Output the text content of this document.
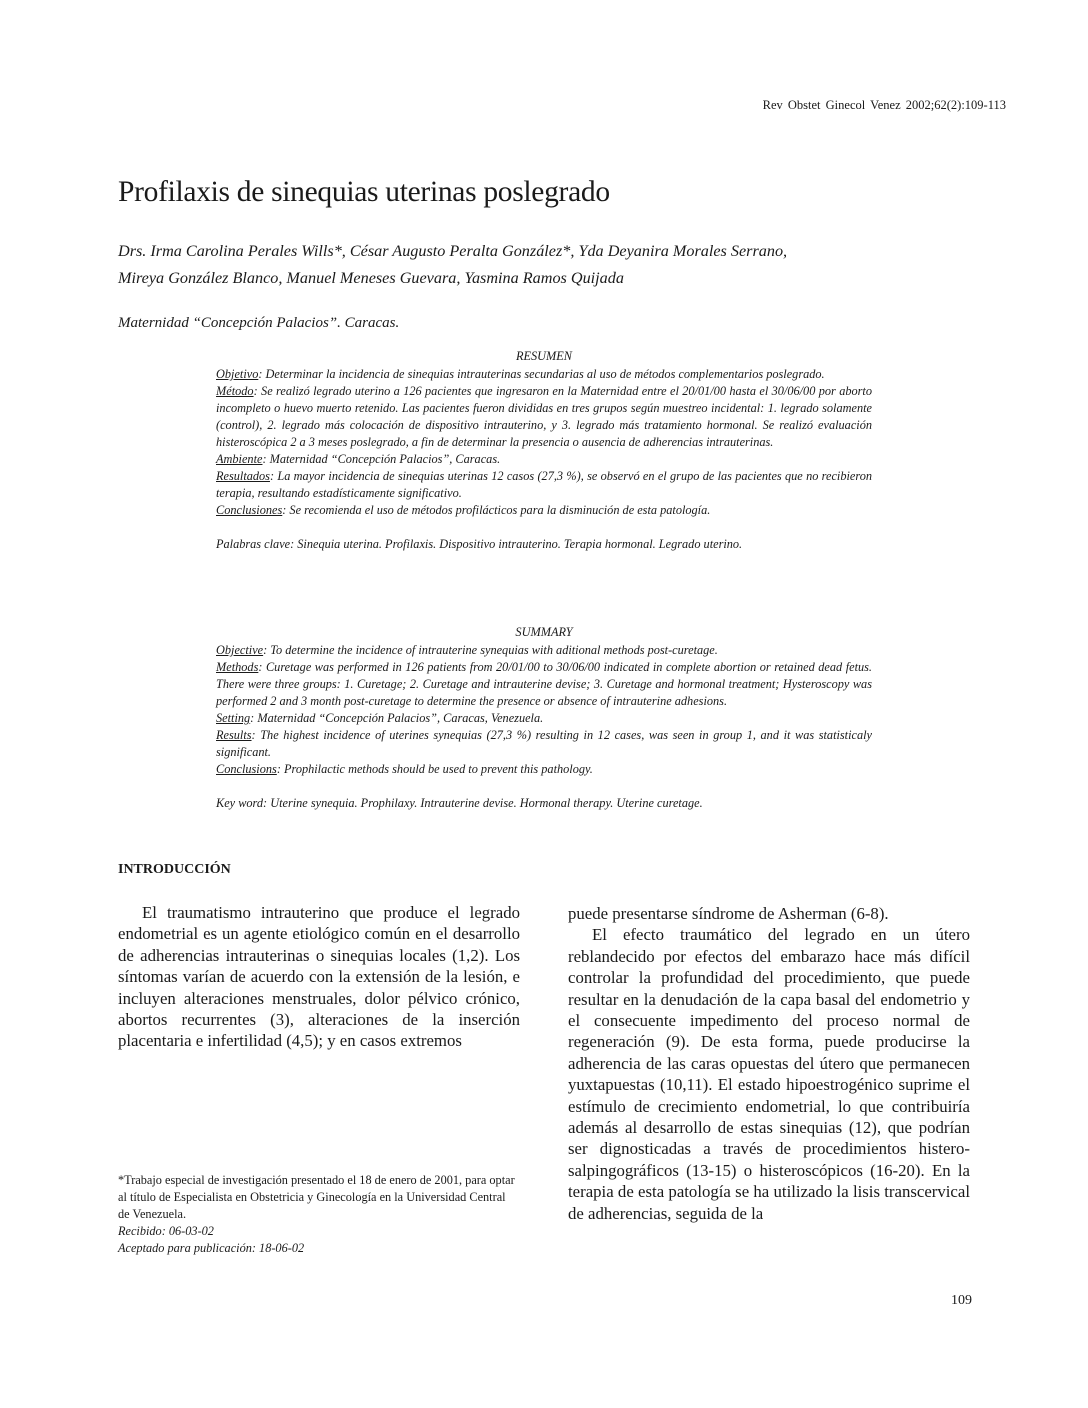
Rev Obstet Ginecol Venez 2002;62(2):109-113
Profilaxis de sinequias uterinas poslegrado
Drs. Irma Carolina Perales Wills*, César Augusto Peralta González*, Yda Deyanira Morales Serrano,
Mireya González Blanco, Manuel Meneses Guevara, Yasmina Ramos Quijada
Maternidad “Concepción Palacios”. Caracas.

RESUMEN

Objetivo: Determinar la incidencia de sinequias intrauterinas secundarias al uso de métodos complementarios poslegrado.

Método: Se realizó legrado uterino a 126 pacientes que ingresaron en la Maternidad entre el 20/01/00 hasta el 30/06/00 por aborto incompleto o huevo muerto retenido. Las pacientes fueron divididas en tres grupos según muestreo incidental: 1. legrado solamente (control), 2. legrado más colocación de dispositivo intrauterino, y 3. legrado más tratamiento hormonal. Se realizó evaluación histeroscópica 2 a 3 meses poslegrado, a fin de determinar la presencia o ausencia de adherencias intrauterinas.

Ambiente: Maternidad “Concepción Palacios”, Caracas.

Resultados: La mayor incidencia de sinequias uterinas 12 casos (27,3 %), se observó en el grupo de las pacientes que no recibieron terapia, resultando estadísticamente significativo.

Conclusiones: Se recomienda el uso de métodos profilácticos para la disminución de esta patología.

Palabras clave: Sinequia uterina. Profilaxis. Dispositivo intrauterino. Terapia hormonal. Legrado uterino.

SUMMARY

Objective: To determine the incidence of intrauterine synequias with aditional methods post-curetage.

Methods: Curetage was performed in 126 patients from 20/01/00 to 30/06/00 indicated in complete abortion or retained dead fetus. There were three groups: 1. Curetage; 2. Curetage and intrauterine devise; 3. Curetage and hormonal treatment; Hysteroscopy was performed 2 and 3 month post-curetage to determine the presence or absence of intrauterine adhesions.

Setting: Maternidad “Concepción Palacios”, Caracas, Venezuela.

Results: The highest incidence of uterines synequias (27,3 %) resulting in 12 cases, was seen in group 1, and it was statisticaly significant.

Conclusions: Prophilactic methods should be used to prevent this pathology.

Key word: Uterine synequia. Prophilaxy. Intrauterine devise. Hormonal therapy. Uterine curetage.

INTRODUCCIÓN

El traumatismo intrauterino que produce el legrado endometrial es un agente etiológico común en el desarrollo de adherencias intrauterinas o sinequias locales (1,2). Los síntomas varían de acuerdo con la extensión de la lesión, e incluyen alteraciones menstruales, dolor pélvico crónico, abortos recurrentes (3), alteraciones de la inserción placentaria e infertilidad (4,5); y en casos extremos

puede presentarse síndrome de Asherman (6-8).

El efecto traumático del legrado en un útero reblandecido por efectos del embarazo hace más difícil controlar la profundidad del procedimiento, que puede resultar en la denudación de la capa basal del endometrio y el consecuente impedimento del proceso normal de regeneración (9). De esta forma, puede producirse la adherencia de las caras opuestas del útero que permanecen yuxtapuestas (10,11). El estado hipoestrogénico suprime el estímulo de crecimiento endometrial, lo que contribuiría además al desarrollo de estas sinequias (12), que podrían ser dignosticadas a través de procedimientos histero-salpingográficos (13-15) o histeroscópicos (16-20). En la terapia de esta patología se ha utilizado la lisis transcervical de adherencias, seguida de la

*Trabajo especial de investigación presentado el 18 de enero de 2001, para optar al título de Especialista en Obstetricia y Ginecología en la Universidad Central de Venezuela.

Recibido: 06-03-02

Aceptado para publicación: 18-06-02

109
